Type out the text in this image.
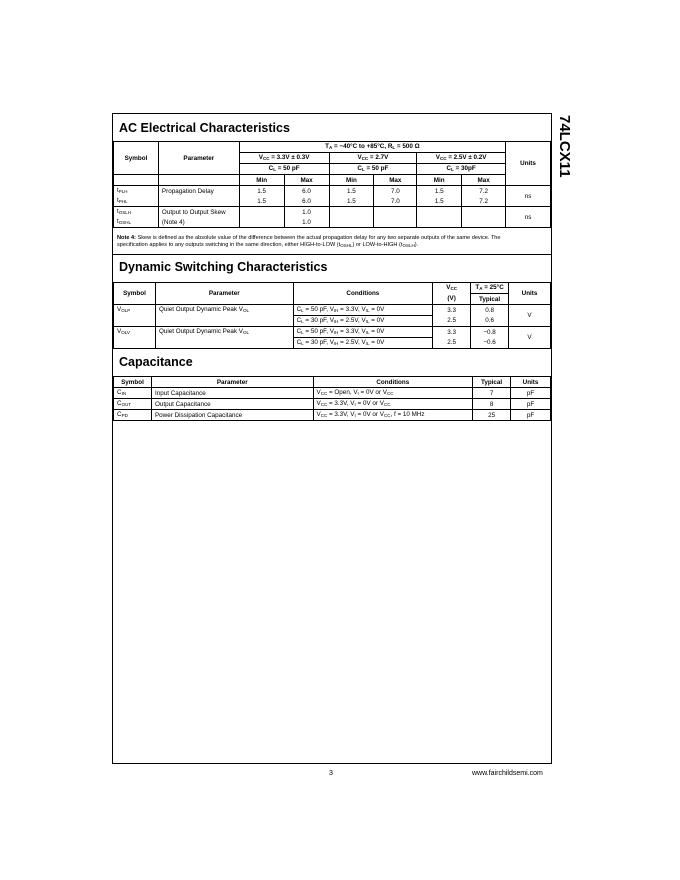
74LCX11
AC Electrical Characteristics
Symbol	Parameter	$T_A = -40^\circ C$ to +85°C, $R_L = 500$ Ω						Units
		$V_{CC} = 3.3V \pm 0.3V$		$V_{CC} = 2.7V$		$V_{CC} = 2.5V \pm 0.2V$		
		$C_L = 50$ pF		$C_L = 50$ pF		$C_L = 30pF$		
		Min	Max	Min	Max	Min	Max	
$t_{PLH}$	Propagation Delay	1.5	6.0	1.5	7.0	1.5	7.2	ns
$t_{PHL}$		1.5	6.0	1.5	7.0	1.5	7.2	
$t_{OSLH}$	Output to Output Skew		1.0					ns
$t_{OSHL}$	(Note 4)		1.0					
Note 4: Skew is defined as the absolute value of the difference between the actual propagation delay for any two separate outputs of the same device. The
specification applies to any outputs switching in the same direction, either HIGH-to-LOW $(t_{OSHL})$ or LOW-to-HIGH $(t_{OSLH})$.
Dynamic Switching Characteristics
Symbol	Parameter	Conditions	$V_{CC}$	$T_A = 25^\circ C$	Units
			(V)	Typical	
$V_{OLP}$	Quiet Output Dynamic Peak $V_{OL}$	$C_L = 50$ pF, $V_{IH} = 3.3V$, $V_{IL} = 0V$	3.3	0.8	V
		$C_L = 30$ pF, $V_{IH} = 2.5V$, $V_{IL} = 0V$	2.5	0.6	
$V_{OLV}$	Quiet Output Dynamic Peak $V_{OL}$	$C_L = 50$ pF, $V_{IH} = 3.3V$, $V_{IL} = 0V$	3.3	−0.8	V
		$C_L = 30$ pF, $V_{IH} = 2.5V$, $V_{IL} = 0V$	2.5	−0.6	
Capacitance
Symbol	Parameter	Conditions	Typical	Units
$C_{IN}$	Input Capacitance	$V_{CC}$ = Open, $V_I = 0V$ or $V_{CC}$	7	pF
$C_{OUT}$	Output Capacitance	$V_{CC} = 3.3V$, $V_I = 0V$ or $V_{CC}$	8	pF
$C_{PD}$	Power Dissipation Capacitance	$V_{CC} = 3.3V$, $V_I = 0V$ or $V_{CC}$, f = 10 MHz	25	pF
3	www.fairchildsemi.com
